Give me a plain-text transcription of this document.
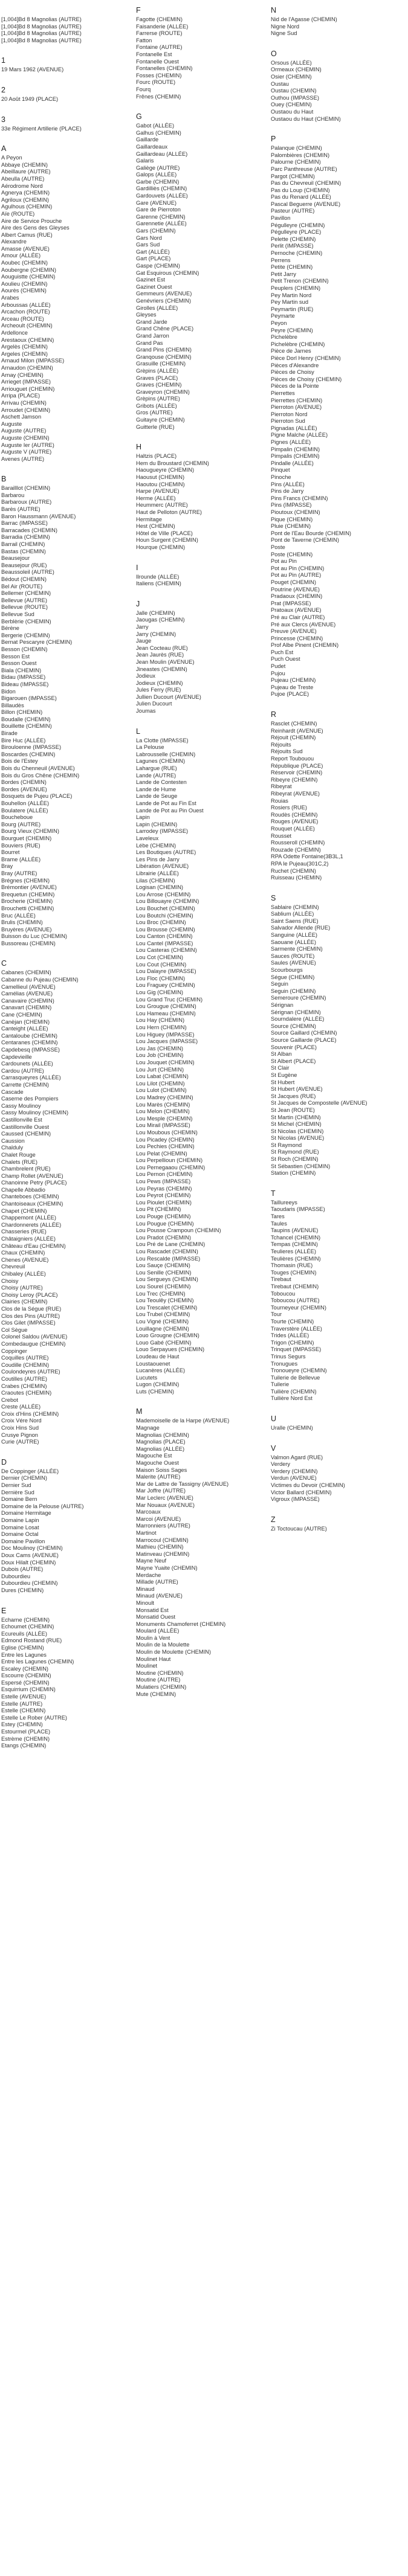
[1,004]Bd 8 Magnolias (AUTRE)
[1,004]Bd 8 Magnolias (AUTRE)
[1,004]Bd 8 Magnolias (AUTRE)
[1,004]Bd 8 Magnolias (AUTRE)
1
19 Mars 1962 (AVENUE)
2
20 Août 1949 (PLACE)
3
33e Régiment Artillerie (PLACE)
A
A Peyon
Abbaye (CHEMIN)
Abeillaure (AUTRE)
Abeulla (AUTRE)
Aérodrome Nord
Agnerya (CHEMIN)
Agriloux (CHEMIN)
Agulhous (CHEMIN)
Aïe (ROUTE)
Aire de Service Prouche
Aire des Gens des Gleyses
Albert Camus (RUE)
Alexandre
Amasse (AVENUE)
Amour (ALLÉE)
Aoubec (CHEMIN)
Aoubergne (CHEMIN)
Aouguistte (CHEMIN)
Aoulieu (CHEMIN)
Aourès (CHEMIN)
Arabes
Arboussas (ALLÉE)
Arcachon (ROUTE)
Arceau (ROUTE)
Archeoult (CHEMIN)
Ardellonce
Arestaoux (CHEMIN)
Argelès (CHEMIN)
Argeles (CHEMIN)
Arnaud Milon (IMPASSE)
Arnaudon (CHEMIN)
Arnay (CHEMIN)
Arrieget (IMPASSE)
Arriouguet (CHEMIN)
Arripa (PLACE)
Arrivau (CHEMIN)
Arroudet (CHEMIN)
Aschett Jamson
Auguste
Auguste (AUTRE)
Auguste (CHEMIN)
Auguste Ier (AUTRE)
Auguste V (AUTRE)
Avenes (AUTRE)
B
Barailllot (CHEMIN)
Barbarou
Barbaroux (AUTRE)
Barès (AUTRE)
Baron Haussmann (AVENUE)
Barrac (IMPASSE)
Barracades (CHEMIN)
Barradia (CHEMIN)
Barrail (CHEMIN)
Bastas (CHEMIN)
Beausejour
Beausejour (RUE)
Beaussoleil (AUTRE)
Bédout (CHEMIN)
Bel Air (ROUTE)
Bellemer (CHEMIN)
Bellevue (AUTRE)
Bellevue (ROUTE)
Bellevue Sud
Berblèrie (CHEMIN)
Bérène
Bergerie (CHEMIN)
Bernat Pescaryre (CHEMIN)
Besson (CHEMIN)
Besson Est
Besson Ouest
Biala (CHEMIN)
Bidau (IMPASSE)
Bideau (IMPASSE)
Bidon
Bigarouen (IMPASSE)
Billaudès
Billon (CHEMIN)
Boudalle (CHEMIN)
Bouillette (CHEMIN)
Birade
Bire Huc (ALLÉE)
Birouloenne (IMPASSE)
Boscardes (CHEMIN)
Bois de l'Estey
Bois du Chenneuil (AVENUE)
Bois du Gros Chêne (CHEMIN)
Bordes (CHEMIN)
Bordes (AVENUE)
Bosquets de Pujeu (PLACE)
Bouhellon (ALLÉE)
Boulatere (ALLÉE)
Boucheboue
Bourg (AUTRE)
Bourg Vieux (CHEMIN)
Bourguet (CHEMIN)
Bouviers (RUE)
Bourret
Brame (ALLÉE)
Bray
Bray (AUTRE)
Brégnes (CHEMIN)
Brémontier (AVENUE)
Brequetun (CHEMIN)
Brocherie (CHEMIN)
Brouchetti (CHEMIN)
Bruc (ALLÉE)
Brulis (CHEMIN)
Bruyères (AVENUE)
Buisson du Luc (CHEMIN)
Bussoreau (CHEMIN)
C
Cabanes (CHEMIN)
Cabanne du Pujeau (CHEMIN)
Camellieul (AVENUE)
Camélias (AVENUE)
Canavaire (CHEMIN)
Canavart (CHEMIN)
Cane (CHEMIN)
Canèjan (CHEMIN)
Canteight (ALLÉE)
Cantaloube (CHEMIN)
Centaranes (CHEMIN)
Capdebesq (IMPASSE)
Capdevieille
Cardounets (ALLÉE)
Cardou (AUTRE)
Carrasqueyres (ALLÉE)
Carrette (CHEMIN)
Cascade
Caserne des Pompiers
Cassy Moulinoy
Cassy Moulinoy (CHEMIN)
Castillonville Est
Castillonville Ouest
Caussed (CHEMIN)
Caussion
Chalduly
Chalet Rouge
Chalets (RUE)
Chambrelent (RUE)
Champ Rollet (AVENUE)
Chanoinne Petry (PLACE)
Chapelle Abbadio
Chanteboes (CHEMIN)
Chantoiseaux (CHEMIN)
Chapet (CHEMIN)
Chappemont (ALLÉE)
Chardonnerets (ALLÉE)
Chasseries (RUE)
Châtaigniers (ALLÉE)
Château d'Eau (CHEMIN)
Chaux (CHEMIN)
Chenes (AVENUE)
Chevreuil
Chibaley (ALLÉE)
Choisy
Choisy (AUTRE)
Choisy Leroy (PLACE)
Clairies (CHEMIN)
Clos de la Ségue (RUE)
Clos des Pins (AUTRE)
Clos Gilet (IMPASSE)
Col Sègue
Colonel Saldou (AVENUE)
Combedaugue (CHEMIN)
Coppinger
Coquilles (AUTRE)
Coudille (CHEMIN)
Coulondeyres (AUTRE)
Coutilles (AUTRE)
Crabes (CHEMIN)
Craoutes (CHEMIN)
Crebot
Creste (ALLÉE)
Croix d'Hins (CHEMIN)
Croix Vére Nord
Croix Hins Sud
Crusye Pignon
Curie (AUTRE)
D
De Coppinger (ALLÉE)
Dernier (CHEMIN)
Dernier Sud
Dernière Sud
Domaine Bern
Domaine de la Pelouse (AUTRE)
Domaine Hermitage
Domaine Lapin
Domaine Losat
Domaine Octal
Domaine Pavillon
Doc Moulinoy (CHEMIN)
Doux Cams (AVENUE)
Doux Hilalt (CHEMIN)
Dubois (AUTRE)
Dubourdieu
Dubourdieu (CHEMIN)
Dures (CHEMIN)
E
Echarne (CHEMIN)
Echoumet (CHEMIN)
Ecureuils (ALLÉE)
Edmond Rostand (RUE)
Eglise (CHEMIN)
Entre les Lagunes
Entre les Lagunes (CHEMIN)
Escaley (CHEMIN)
Escourre (CHEMIN)
Espersé (CHEMIN)
Esquirrium (CHEMIN)
Estelle (AVENUE)
Estelle (AUTRE)
Estelle (CHEMIN)
Estelle Le Rober (AUTRE)
Estey (CHEMIN)
Estourmel (PLACE)
Estrème (CHEMIN)
Etangs (CHEMIN)
F
Fagotte (CHEMIN)
Faisanderie (ALLÉE)
Farrerse (ROUTE)
Fatton
Fontaine (AUTRE)
Fontanelle Est
Fontanelle Ouest
Fontanelles (CHEMIN)
Fosses (CHEMIN)
Fourc (ROUTE)
Fourq
Frênes (CHEMIN)
G
Gabot (ALLÉE)
Galhus (CHEMIN)
Gaillarde
Gaillardeaux
Gaillardeau (ALLÉE)
Galaris
Galiège (AUTRE)
Galops (ALLÉE)
Garbe (CHEMIN)
Gardilliès (CHEMIN)
Gardouvets (ALLÉE)
Gare (AVENUE)
Gare de Pierroton
Garenne (CHEMIN)
Garennetie (ALLÉE)
Gars (CHEMIN)
Gars Nord
Gars Sud
Gart (ALLÉE)
Gart (PLACE)
Gaspe (CHEMIN)
Gat Esquirous (CHEMIN)
Gazinet Est
Gazinet Ouest
Gemmeurs (AVENUE)
Genévriers (CHEMIN)
Girolles (ALLÉE)
Gleyses
Grand Jarde
Grand Chêne (PLACE)
Grand Jarron
Grand Pas
Grand Pins (CHEMIN)
Granqouse (CHEMIN)
Grasuille (CHEMIN)
Grèpins (ALLÉE)
Graves (PLACE)
Graves (CHEMIN)
Graveyron (CHEMIN)
Grèpins (AUTRE)
Gribots (ALLÉE)
Gros (AUTRE)
Guitayre (CHEMIN)
Guitterle (RUE)
H
Haltzis (PLACE)
Hem du Broustard (CHEMIN)
Haougueyre (CHEMIN)
Haousut (CHEMIN)
Haoutou (CHEMIN)
Harpe (AVENUE)
Herme (ALLÉE)
Heummerc (AUTRE)
Haut de Pelloton (AUTRE)
Hermitage
Hest (CHEMIN)
Hôtel de Ville (PLACE)
Houn Surgent (CHEMIN)
Hourque (CHEMIN)
I
Ilrounde (ALLÉE)
Italiens (CHEMIN)
J
Jalle (CHEMIN)
Jaougas (CHEMIN)
Jarry
Jarry (CHEMIN)
Jauge
Jean Cocteau (RUE)
Jean Jaurès (RUE)
Jean Moulin (AVENUE)
Jineastes (CHEMIN)
Jodieux
Jodieux (CHEMIN)
Jules Ferry (RUE)
Jullien Ducourt (AVENUE)
Julien Ducourt
Joumas
L
La Clotte (IMPASSE)
La Pelouse
Labrousselle (CHEMIN)
Lagunes (CHEMIN)
Lahargue (RUE)
Lande (AUTRE)
Lande de Contesten
Lande de Hume
Lande de Seuge
Lande de Pot au Fin Est
Lande de Pot au Pin Ouest
Lapin
Lapin (CHEMIN)
Larrodey (IMPASSE)
Laveleux
Lébe (CHEMIN)
Les Boutiques (AUTRE)
Les Pins de Jarry
Libération (AVENUE)
Librairie (ALLÉE)
Lilas (CHEMIN)
Logisan (CHEMIN)
Lou Arrose (CHEMIN)
Lou Billouayre (CHEMIN)
Lou Bouchet (CHEMIN)
Lou Boutchi (CHEMIN)
Lou Broc (CHEMIN)
Lou Brousse (CHEMIN)
Lou Canton (CHEMIN)
Lou Cantel (IMPASSE)
Lou Casteras (CHEMIN)
Lou Cot (CHEMIN)
Lou Cout (CHEMIN)
Lou Dalayre (IMPASSE)
Lou Floc (CHEMIN)
Lou Fraguey (CHEMIN)
Lou Gig (CHEMIN)
Lou Grand Truc (CHEMIN)
Lou Grougue (CHEMIN)
Lou Hameau (CHEMIN)
Lou Hay (CHEMIN)
Lou Hern (CHEMIN)
Lou Higuey (IMPASSE)
Lou Jacques (IMPASSE)
Lou Jas (CHEMIN)
Lou Job (CHEMIN)
Lou Jouquet (CHEMIN)
Lou Jurt (CHEMIN)
Lou Labat (CHEMIN)
Lou Lilot (CHEMIN)
Lou Lulot (CHEMIN)
Lou Madrey (CHEMIN)
Lou Marès (CHEMIN)
Lou Melon (CHEMIN)
Lou Mesple (CHEMIN)
Lou Mirail (IMPASSE)
Lou Moubous (CHEMIN)
Lou Picadey (CHEMIN)
Lou Pechies (CHEMIN)
Lou Pelat (CHEMIN)
Lou Perpellioun (CHEMIN)
Lou Pernegaaou (CHEMIN)
Lou Pernon (CHEMIN)
Lou Pews (IMPASSE)
Lou Peyras (CHEMIN)
Lou Peyrot (CHEMIN)
Lou Pioulet (CHEMIN)
Lou Pit (CHEMIN)
Lou Pouge (CHEMIN)
Lou Pougue (CHEMIN)
Lou Pousse Crampoun (CHEMIN)
Lou Pradot (CHEMIN)
Lou Pré de Lane (CHEMIN)
Lou Rascadet (CHEMIN)
Lou Rescalde (IMPASSE)
Lou Sauçe (CHEMIN)
Lou Senille (CHEMIN)
Lou Sergueys (CHEMIN)
Lou Sourel (CHEMIN)
Lou Trec (CHEMIN)
Lou Teoulêy (CHEMIN)
Lou Trescalet (CHEMIN)
Lou Trubel (CHEMIN)
Lou Vigné (CHEMIN)
Louillagne (CHEMIN)
Louo Grougne (CHEMIN)
Louo Gabé (CHEMIN)
Louo Serpayues (CHEMIN)
Loudeau de Haut
Loustaouenet
Lucanères (ALLÉE)
Lucutets
Lugon (CHEMIN)
Luts (CHEMIN)
M
Mademoiselle de la Harpe (AVENUE)
Magnage
Magnolias (CHEMIN)
Magnolias (PLACE)
Magnolias (ALLÉE)
Magouche Est
Magouche Ouest
Maison Soiss Sages
Malerite (AUTRE)
Mar de Lattre de Tassigny (AVENUE)
Mar Joffre (AUTRE)
Mar Leclerc (AVENUE)
Mar Nouaux (AVENUE)
Marcoaux
Marcoi (AVENUE)
Marronniers (AUTRE)
Martinot
Marrocoul (CHEMIN)
Mathieu (CHEMIN)
Matinveau (CHEMIN)
Mayne Neuf
Mayne Yuaite (CHEMIN)
Merdache
Millade (AUTRE)
Minaud
Minaud (AVENUE)
Minoult
Monsatid Est
Monsatid Ouest
Monuments Chamoferret (CHEMIN)
Moulard (ALLÉE)
Moulin à Vent
Moulin de la Moulette
Moulin de Moulette (CHEMIN)
Moulinet Haut
Moulinet
Moutine (CHEMIN)
Moutine (AUTRE)
Mulatiers (CHEMIN)
Mute (CHEMIN)
N
Nid de l'Agasse (CHEMIN)
Nigne Nord
Nigne Sud
O
Orsous (ALLÉE)
Ormeaux (CHEMIN)
Osier (CHEMIN)
Oustau
Oustau (CHEMIN)
Outhou (IMPASSE)
Ouey (CHEMIN)
Oustaou du Haut
Oustaou du Haut (CHEMIN)
P
Palanque (CHEMIN)
Palombières (CHEMIN)
Palourne (CHEMIN)
Parc Panthreuse (AUTRE)
Pargot (CHEMIN)
Pas du Chevreuil (CHEMIN)
Pas du Loup (CHEMIN)
Pas du Renard (ALLÉE)
Pascal Beguerre (AVENUE)
Pasteur (AUTRE)
Pavillon
Pégulleyre (CHEMIN)
Pégulleyre (PLACE)
Pelette (CHEMIN)
Perlit (IMPASSE)
Pernoche (CHEMIN)
Perrens
Petite (CHEMIN)
Petit Jarry
Petit Trenon (CHEMIN)
Peuplers (CHEMIN)
Pey Martin Nord
Pey Martin sud
Peymartin (RUE)
Peymarte
Peyon
Peyre (CHEMIN)
Pichelèbre
Pichelèbre (CHEMIN)
Pièce de Jarnes
Pièce Dorl Henry (CHEMIN)
Pièces d'Alexandre
Pièces de Choisy
Pièces de Choisy (CHEMIN)
Pièces de la Pointe
Pierrettes
Pierrettes (CHEMIN)
Pierroton (AVENUE)
Pierroton Nord
Pierroton Sud
Pignadas (ALLÉE)
Pigne Malche (ALLÉE)
Pignes (ALLÉE)
Pimpalin (CHEMIN)
Pimpalis (CHEMIN)
Pindalle (ALLÉE)
Pinquet
Pinoche
Pins (ALLÉE)
Pins de Jarry
Pins Francs (CHEMIN)
Pins (IMPASSE)
Pioutoux (CHEMIN)
Pique (CHEMIN)
Pluie (CHEMIN)
Pont de l'Eau Bourde (CHEMIN)
Pont de Taverne (CHEMIN)
Poste
Poste (CHEMIN)
Pot au Pin
Pot au Pin (CHEMIN)
Pot au Pin (AUTRE)
Pouget (CHEMIN)
Poutrine (AVENUE)
Pradaoux (CHEMIN)
Prat (IMPASSE)
Pratoaux (AVENUE)
Pré au Clair (AUTRE)
Pré aux Clercs (AVENUE)
Preuve (AVENUE)
Princesse (CHEMIN)
Prof Albe Pinent (CHEMIN)
Puch Est
Puch Ouest
Pudet
Pujou
Pujeau (CHEMIN)
Pujeau de Treste
Pujoe (PLACE)
R
Rasclet (CHEMIN)
Reinhardt (AVENUE)
Réjouit (CHEMIN)
Réjouits
Réjouits Sud
Report Toubouou
République (PLACE)
Réservoir (CHEMIN)
Ribeyre (CHEMIN)
Ribeyrat
Ribeyrat (AVENUE)
Rouias
Rosiers (RUE)
Roudès (CHEMIN)
Rouges (AVENUE)
Rouquet (ALLÉE)
Rousset
Rousseroll (CHEMIN)
Rouzade (CHEMIN)
RPA Odette Fontaine(3B3L,1
RPA le Pujeau(301C,2)
Ruchet (CHEMIN)
Ruisseau (CHEMIN)
S
Sablaire (CHEMIN)
Sablium (ALLÉE)
Saint Saens (RUE)
Salvador Allende (RUE)
Sanguine (ALLÉE)
Saouane (ALLÉE)
Sarmente (CHEMIN)
Sauces (ROUTE)
Saules (AVENUE)
Scourbourgs
Ségue (CHEMIN)
Seguin
Seguin (CHEMIN)
Semeroure (CHEMIN)
Sérignan
Sérignan (CHEMIN)
Sourndalere (ALLÉE)
Source (CHEMIN)
Source Gaillard (CHEMIN)
Source Gaillarde (PLACE)
Souvenir (PLACE)
St Alban
St Albert (PLACE)
St Clair
St Eugène
St Hubert
St Hubert (AVENUE)
St Jacques (RUE)
St Jacques de Compostelle (AVENUE)
St Jean (ROUTE)
St Martin (CHEMIN)
St Michel (CHEMIN)
St Nicolas (CHEMIN)
St Nicolas (AVENUE)
St Raymond
St Raymond (RUE)
St Roch (CHEMIN)
St Sébastien (CHEMIN)
Station (CHEMIN)
T
Taillureeys
Taoudaris (IMPASSE)
Tares
Taules
Taupins (AVENUE)
Tchancel (CHEMIN)
Tempas (CHEMIN)
Teulieres (ALLÉE)
Teulières (CHEMIN)
Thomasin (RUE)
Touges (CHEMIN)
Tirebaut
Tirebaut (CHEMIN)
Toboucou
Toboucou (AUTRE)
Tourneyeur (CHEMIN)
Tour
Tourte (CHEMIN)
Traverstère (ALLÉE)
Trides (ALLÉE)
Trigon (CHEMIN)
Trinquet (IMPASSE)
Trinus Segurs
Tronugues
Tronoueyre (CHEMIN)
Tuilerie de Bellevue
Tuilerie
Tuilière (CHEMIN)
Tuilière Nord Est
U
Uralle (CHEMIN)
V
Valmon Agard (RUE)
Verdery
Verdery (CHEMIN)
Verdun (AVENUE)
Victimes du Devoir (CHEMIN)
Victor Ballard (CHEMIN)
Vigroux (IMPASSE)
Z
Zi Toctoucau (AUTRE)
